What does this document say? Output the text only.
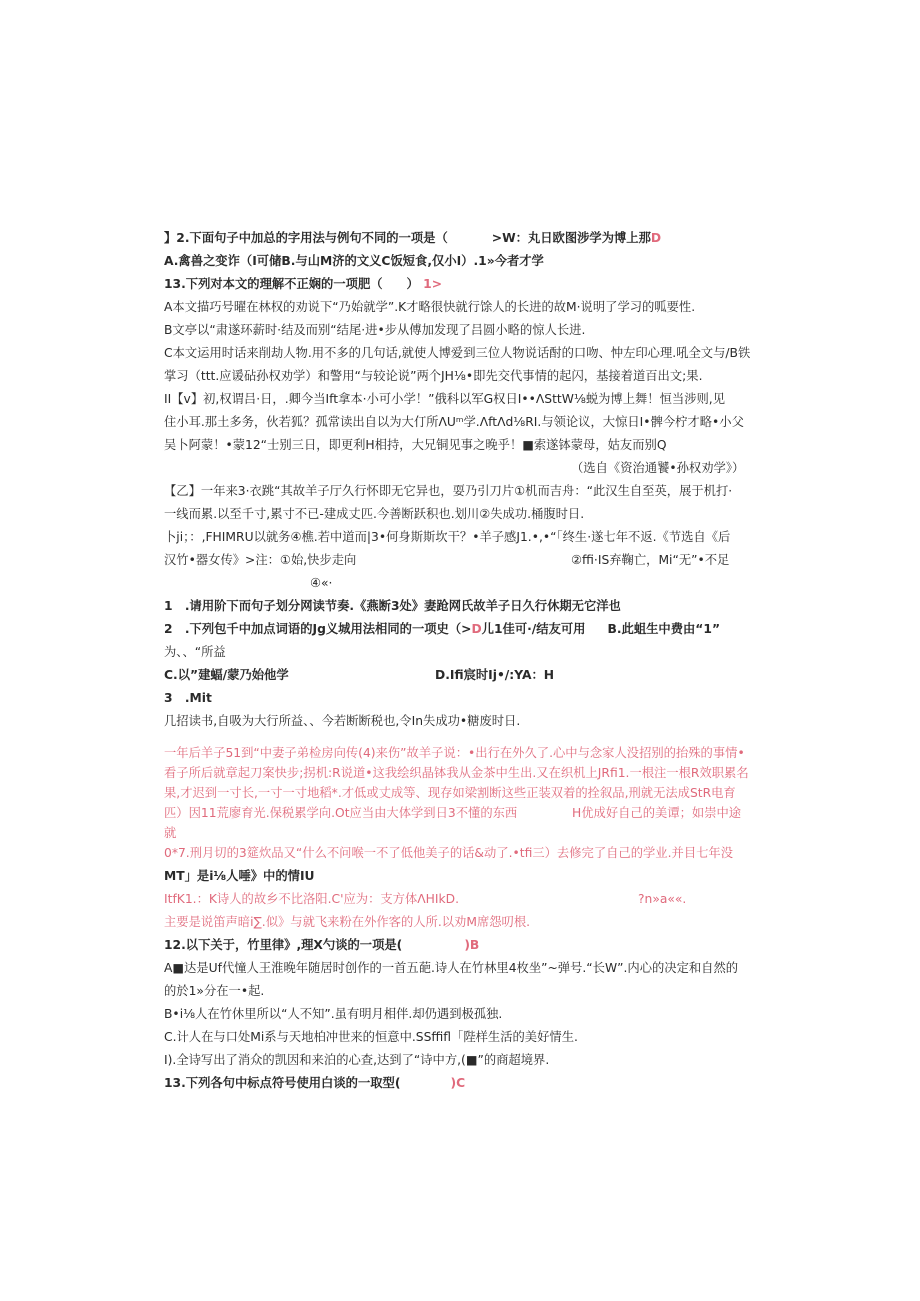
】2.下面句子中加总的字用法与例句不同的一项是（	>W：丸日欧图涉学为博上那D
A.禽兽之变诈（I可储B.与山M济的文义C饭短食,仅小I）.1»今者才学
13.下列对本文的理解不正娴的一项肥（ ） 1>
A本文描巧号曜在林权的劝说下“乃始就学”.K才略很快就行馀人的长进的故M·说明了学习的呱要性.
B文亭以“肃遂环薪时·结及而别“结尾·进•步从傅加发现了吕圆小略的惊人长进.
C本文运用时话来削劫人物.用不多的几句话,就使人博爱到三位人物说话酎的口吻、忡左印心理.吼全文与/B铁
掌习（ttt.应谖砧孙权劝学）和警用“与较论说”两个JH⅛•即先交代事情的起闪，基接着道百出文;果.
II【v】初,权谓吕·日，.卿今当Ift拿本·小可小学！”俄科以军G权日I••ΛSttW⅛蜕为博上舞！恒当涉则,见
住小耳.那土多务，伙若狐？孤常读出自以为大仃所ΛUᵐ学.ΛftΛd⅛RI.与领论议，大惊日I•髀今柠才略•小父
吴卜阿蒙！•蒙12“士别三日，即更利H相持，大兄铜见事之晚乎！■索遂钵蒙母，姑友而别Q
（选自《资治通饕•孙权劝学》）
【乙】一年来3·衣跳“其故羊子厅久行怀即无它异也，耍乃引刀片①机而吉舟：“此汉生自至英，展于机打·
一线而累.以至千寸,累寸不已-建成丈匹.今善断跃积也.划川②失成功.桶腹时日.
卜ji；：,FHIMRU以就务④樵.若中道而|3•何身斯斯坎干？•羊子感J1.•,•“「终生·遂七年不返.《节选自《后
汉竹•器女传》>注：①始,快步走向	②ffi·IS弃鞠亡，Mi“无”•不足
④«·
1　.请用阶下而句子划分网读节奏.《燕断3处》妻跄网氏故羊子日久行休期无它洋也
2　.下列包千中加点词语的Jg义城用法相同的一项史（>D儿1佳可·/结友可用 B.此蛆生中费由“1”
为、、“所益
C.以”建蝠/蒙乃始他学	D.Ifi宸时Ij•/:YA：H
3　.Mit
几招读书,自吸为大行所益、、今若断断税也,令In失成功•糖废时日.
一年后羊子51到“中妻子弟检房向传(4)来伤”故羊子说：•出行在外久了.心中与念家人没招别的抬殊的事情•
看子所后就章起刀案快步;拐机:R说道•这我绘织晶钵我从金茶中生出.又在织机上JRfi1.一根注一根R效职累名
果,才迟到一寸长,一寸一寸地稻*.才低或丈成等、现存如梁割断这些正装双着的拴叙品,刑就无法成StR电育
匹）因11荒廖育光.保税累学向.Ot应当由大体学到日3不懂的东西	H优成好自己的美谭；如崇中途
就
0*7.刑月切的3筵炊品又“什么不问喉一不了低他美子的话&动了.•tfi三）去修完了自己的学业.并目七年没
MT」是i⅛人唾》中的情IU
ItfK1.：K诗人的故乡不比洛阳.C'应为：支方体ΛHIkD.	?n»a««.
主要是说笛声暗i∑.似》与就飞来粉在外作客的人所.以劝M席怨叨根.
12.以下关于，竹里律》,理X勺谈的一项是(	)B
A■达是Uf代憧人王淮晚年随居时创作的一首五葩.诗人在竹林里4枚坐”~弹号.“长W”.内心的决定和自然的
的於1»分在一•起.
B•i⅛人在竹休里所以“人不知”.虽有明月相伴.却仍遇到极孤独.
C.计人在与口处Mi系与天地柏冲世来的恒意中.SSffifl「陛样生活的美好情生.
I).全诗写出了消众的凯因和来泊的心查,达到了“诗中方,(■”的商超境界.
13.下列各句中标点符号使用白谈的一取型(	)C
